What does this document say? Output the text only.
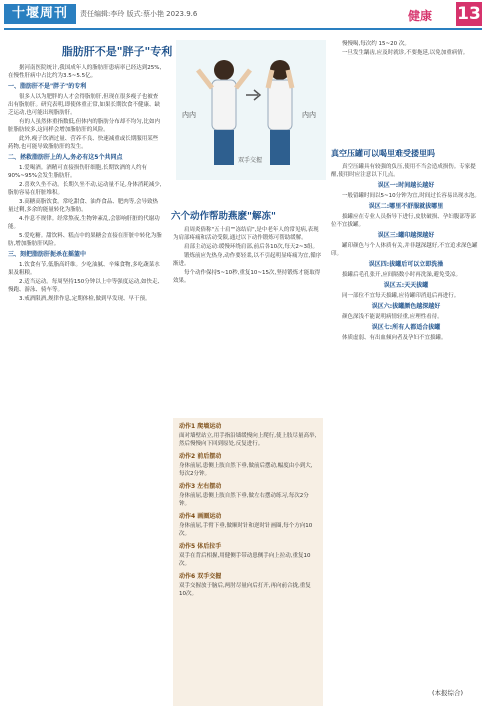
十堰周刊	责任编辑:李玲 版式:蔡小艳 2023.9.6	健康 13
脂肪肝不是"胖子"专利

据河南医院统计,我国成年人的脂肪肝患病率已经达到25%,在慢性肝病中占比约为3.5~5.5亿。

一、脂肪肝不是"胖子"的专利

很多人以为肥胖的人才会得脂肪肝,但现在很多瘦子也被查出有脂肪肝。研究表明,即使体重正常,如果长期饮食不健康、缺乏运动,也可能出现脂肪肝。

有的人虽然体重指数低,但体内的脂肪分布却不均匀,比如内脏脂肪较多,这同样会增加脂肪肝的风险。

此外,瘦子饮酒过量、营养不良、快速减重或长期服用某些药物,也可能导致脂肪肝的发生。

二、拯救脂肪肝上的人,务必有这5个共同点

1.爱喝酒。酒精可直接损伤肝细胞,长期饮酒的人约有90%~95%会发生脂肪肝。

2.喜欢久坐不动。长期久坐不动,运动量不足,身体消耗减少,脂肪容易在肝脏堆积。

3.高糖高脂饮食。常吃甜食、油炸食品、肥肉等,会导致热量过剩,多余的能量转化为脂肪。

4.作息不规律。经常熬夜,生物钟紊乱,会影响肝脏的代谢功能。

5.爱吃糖。甜饮料、糕点中的果糖会直接在肝脏中转化为脂肪,增加脂肪肝风险。

三、刻把脂肪肝扼杀在摇篮中

1.饮食有节,低脂高纤维。少吃油腻、辛辣食物,多吃蔬菜水果及粗粮。

2.适当运动。每周坚持150分钟以上中等强度运动,如快走、慢跑、游泳、骑车等。

3.戒酒限酒,规律作息,定期体检,做到早发现、早干预。

内内	内内
双手交握
六个动作帮助燕麽"解冻"

肩周炎俗称"五十肩""冻结肩",是中老年人的常见病,表现为肩部疼痛和活动受限,通过以下动作锻炼可帮助缓解。

肩部主动运动:缓慢环绕肩部,前后各10次,每天2~3组。

锻炼前应先热身,动作要轻柔,以不引起明显疼痛为宜,循序渐进。

每个动作保持5~10秒,重复10~15次,坚持锻炼才能取得效果。

动作1 爬墙运动
面对墙壁站立,用手指沿墙缓慢向上爬行,使上肢尽量高举,然后慢慢向下回到原处,反复进行。
动作2 前后摆动
身体前屈,患侧上肢自然下垂,做前后摆动,幅度由小到大,每次2分钟。
动作3 左右摆动
身体前屈,患侧上肢自然下垂,做左右摆动练习,每次2分钟。
动作4 画圈运动
身体前屈,手臂下垂,做顺时针和逆时针画圈,每个方向10次。
动作5 体后拉手
双手在背后相握,用健侧手带动患侧手向上拉动,重复10次。
动作6 双手交握
双手交握放于脑后,两肘尽量向后打开,再向前合拢,重复10次。

慢慢喝,每次约 15~20 次。

一旦发生龋齿,应及时就诊,不要拖延,以免加重病情。

真空压罐可以喝里难受搂里吗

真空压罐具有较强的负压,使用不当会造成损伤。专家提醒,使用时应注意以下几点。

误区一:时间越长越好

一般留罐时间以5~10分钟为宜,时间过长容易出现水泡。

误区二:哪里不舒服就拔哪里

拔罐应在专业人员指导下进行,皮肤破损、孕妇腹部等部位不宜拔罐。

误区三:罐印越深越好

罐印颜色与个人体质有关,并非越深越好,不宜追求深色罐印。

误区四:拔罐后可以立即洗澡

拔罐后毛孔张开,应间隔数小时再洗澡,避免受凉。

误区五:天天拔罐

同一部位不宜每天拔罐,应待罐印消退后再进行。

误区六:拔罐颜色越深越好

颜色深浅不能说明病情轻重,应理性看待。

误区七:所有人都适合拔罐

体质虚弱、有出血倾向者及孕妇不宜拔罐。

(本报综合)
